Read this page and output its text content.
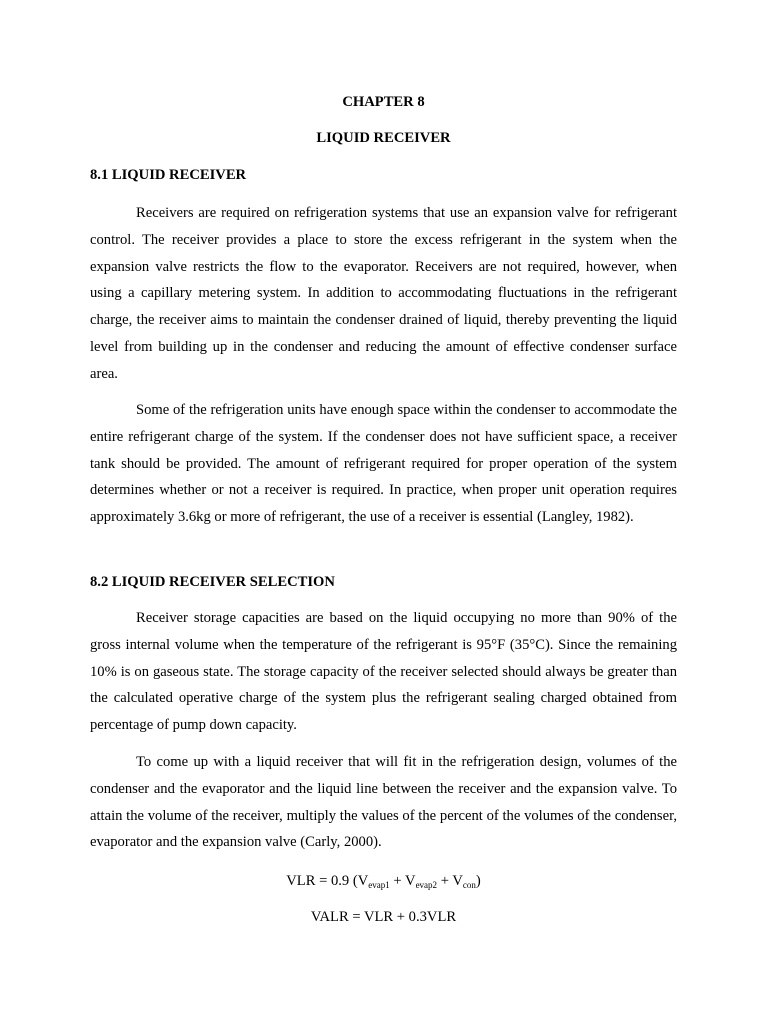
CHAPTER 8
LIQUID RECEIVER
8.1 LIQUID RECEIVER

Receivers are required on refrigeration systems that use an expansion valve for refrigerant control. The receiver provides a place to store the excess refrigerant in the system when the expansion valve restricts the flow to the evaporator. Receivers are not required, however, when using a capillary metering system. In addition to accommodating fluctuations in the refrigerant charge, the receiver aims to maintain the condenser drained of liquid, thereby preventing the liquid level from building up in the condenser and reducing the amount of effective condenser surface area.

Some of the refrigeration units have enough space within the condenser to accommodate the entire refrigerant charge of the system. If the condenser does not have sufficient space, a receiver tank should be provided. The amount of refrigerant required for proper operation of the system determines whether or not a receiver is required. In practice, when proper unit operation requires approximately 3.6kg or more of refrigerant, the use of a receiver is essential (Langley, 1982).

8.2 LIQUID RECEIVER SELECTION

Receiver storage capacities are based on the liquid occupying no more than 90% of the gross internal volume when the temperature of the refrigerant is 95°F (35°C). Since the remaining 10% is on gaseous state. The storage capacity of the receiver selected should always be greater than the calculated operative charge of the system plus the refrigerant sealing charged obtained from percentage of pump down capacity.

To come up with a liquid receiver that will fit in the refrigeration design, volumes of the condenser and the evaporator and the liquid line between the receiver and the expansion valve. To attain the volume of the receiver, multiply the values of the percent of the volumes of the condenser, evaporator and the expansion valve (Carly, 2000).

VLR = 0.9 $(V_{evap1} + V_{evap2} + V_{con})$
VALR = VLR + 0.3VLR
